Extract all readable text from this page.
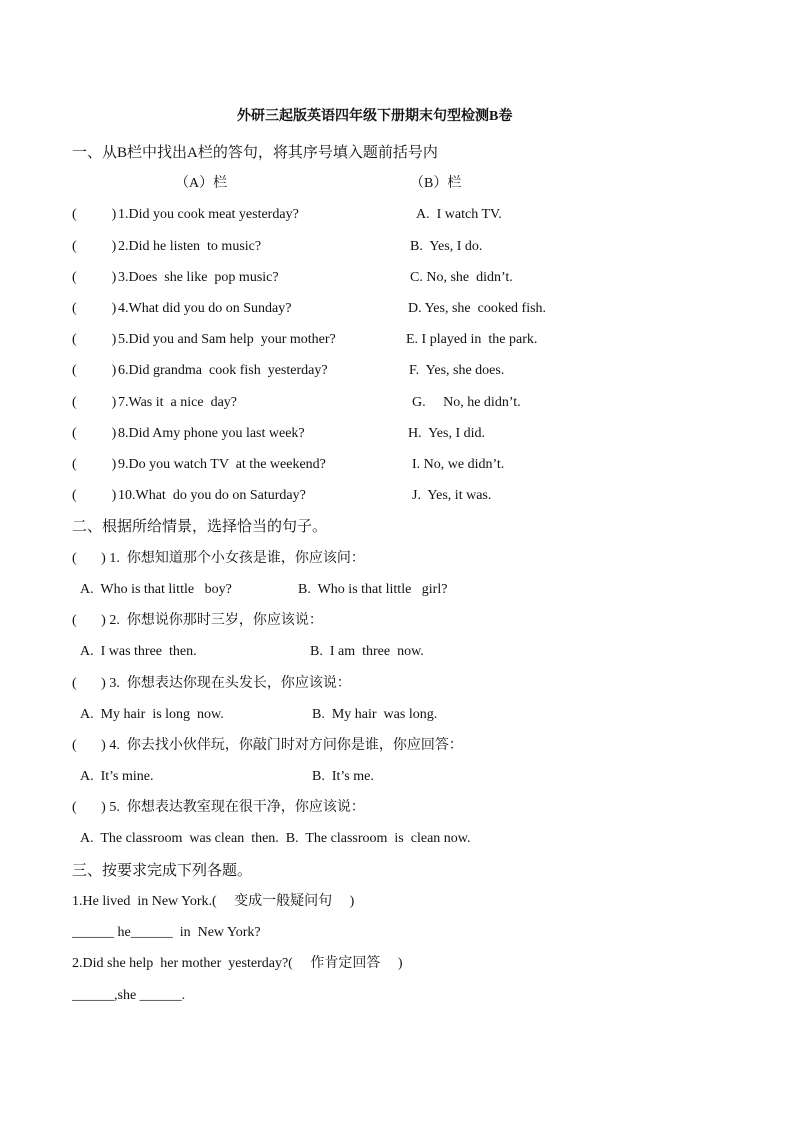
外研三起版英语四年级下册期末句型检测B卷
一、从B栏中找出A栏的答句，将其序号填入题前括号内
（A）栏	（B）栏
(          ) 1.Did you cook meat yesterday?	A.  I watch TV.
(          ) 2.Did he listen  to music?	B.  Yes, I do.
(          ) 3.Does  she like  pop music?	C. No, she  didn’t.
(          ) 4.What did you do on Sunday?	D. Yes, she  cooked fish.
(          ) 5.Did you and Sam help  your mother?	E. I played in  the park.
(          ) 6.Did grandma  cook fish  yesterday?	F.  Yes, she does.
(          ) 7.Was it  a nice  day?	G.     No, he didn’t.
(          ) 8.Did Amy phone you last week?	H.  Yes, I did.
(          ) 9.Do you watch TV  at the weekend?	I. No, we didn’t.
(          ) 10.What  do you do on Saturday?	J.  Yes, it was.
二、根据所给情景，选择恰当的句子。
(       ) 1.  你想知道那个小女孩是谁，你应该问：
A.  Who is that little   boy?	B.  Who is that little   girl?
(       ) 2.  你想说你那时三岁，你应该说：
A.  I was three  then.	B.  I am  three  now.
(       ) 3.  你想表达你现在头发长，你应该说：
A.  My hair  is long  now.	B.  My hair  was long.
(       ) 4.  你去找小伙伴玩，你敲门时对方问你是谁，你应回答：
A.  It’s mine.	B.  It’s me.
(       ) 5.  你想表达教室现在很干净，你应该说：
A.  The classroom  was clean  then.  B.  The classroom  is  clean now.
三、按要求完成下列各题。
1.He lived  in New York.(     变成一般疑问句     )
______ he______  in  New York?
2.Did she help  her mother  yesterday?(     作肯定回答     )
______,she ______.
